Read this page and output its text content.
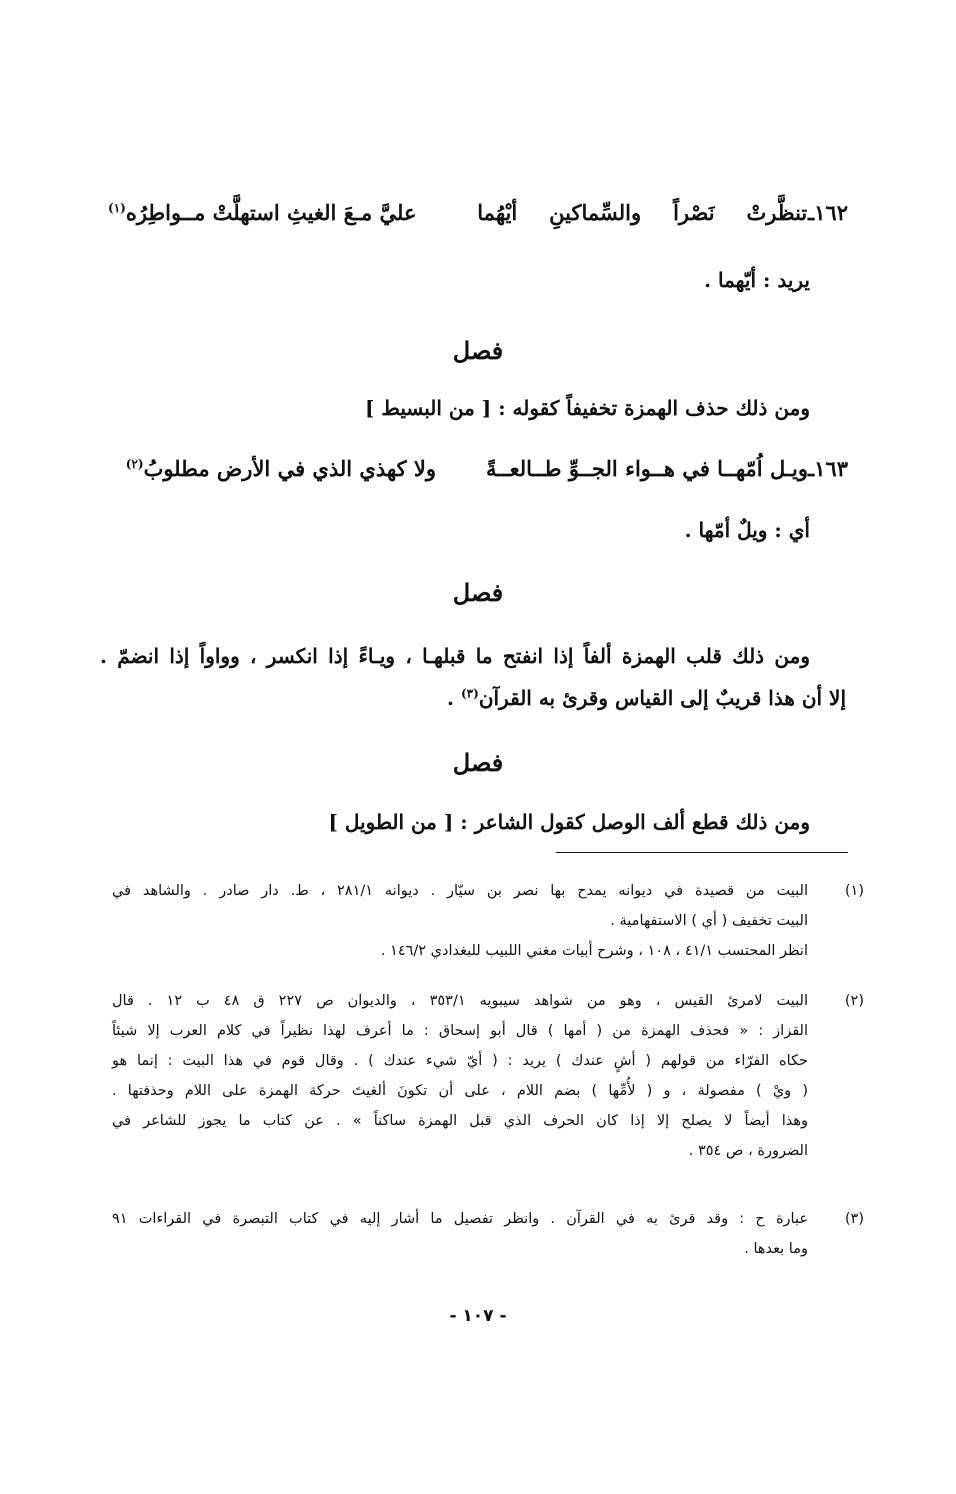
١٦٢ـ
تنظَّرتْ
نَصْراً
والسِّماكينِ
أيْهُما
عليَّ مـعَ الغيثِ استهلَّتْ مــواطِرُه$^{(١)}$
يريد : أيّهما .
فصل
ومن ذلك حذف الهمزة تخفيفاً كقوله : [ من البسيط ]
١٦٣ـ
ويـل اُمّهــا في هــواء الجــوِّ طــالعــةً
ولا كهذي الذي في الأرض مطلوبُ$^{(٢)}$
أي : ويلٌ أمّها .
فصل
ومن ذلك قلب الهمزة ألفاً إذا انفتح ما قبلهـا ، ويـاءً إذا انكسر ، وواواً إذا انضمّ .
إلا أن هذا قريبٌ إلى القياس وقرئ به القرآن$^{(٣)}$ .
فصل
ومن ذلك قطع ألف الوصل كقول الشاعر : [ من الطويل ]
(١)
البيت من قصيدة في ديوانه يمدح بها نصر بن سيّار . ديوانه ٢٨١/١ ، ط. دار صادر . والشاهد في
البيت تخفيف ( أي ) الاستفهامية .
انظر المحتسب ٤١/١ ، ١٠٨ ، وشرح أبيات مغني اللبيب للبغدادي ١٤٦/٢ .
(٢)
البيت لامرئ القيس ، وهو من شواهد سيبويه ٣٥٣/١ ، والديوان ص ٢٢٧ ق ٤٨ ب ١٢ . قال
القزاز : « فحذف الهمزة من ( أمها ) قال أبو إسحاق : ما أعرف لهذا نظيراً في كلام العرب إلا شيئاً
حكاه الفرّاء من قولهم ( أشٍ عندك ) يريد : ( أيّ شيء عندك ) . وقال قوم في هذا البيت : إنما هو
( ويْ ) مفصولة ، و ( لأُمِّها ) بضم اللام ، على أن تكونَ ألغيتَ حركة الهمزة على اللام وحذفتها .
وهذا أيضاً لا يصلح إلا إذا كان الحرف الذي قبل الهمزة ساكناً » . عن كتاب ما يجوز للشاعر في
الضرورة ، ص ٣٥٤ .
(٣)
عبارة ح : وقد قرئ به في القرآن . وانظر تفصيل ما أشار إليه في كتاب التبصرة في القراءات ٩١
وما بعدها .
- ١٠٧ -
